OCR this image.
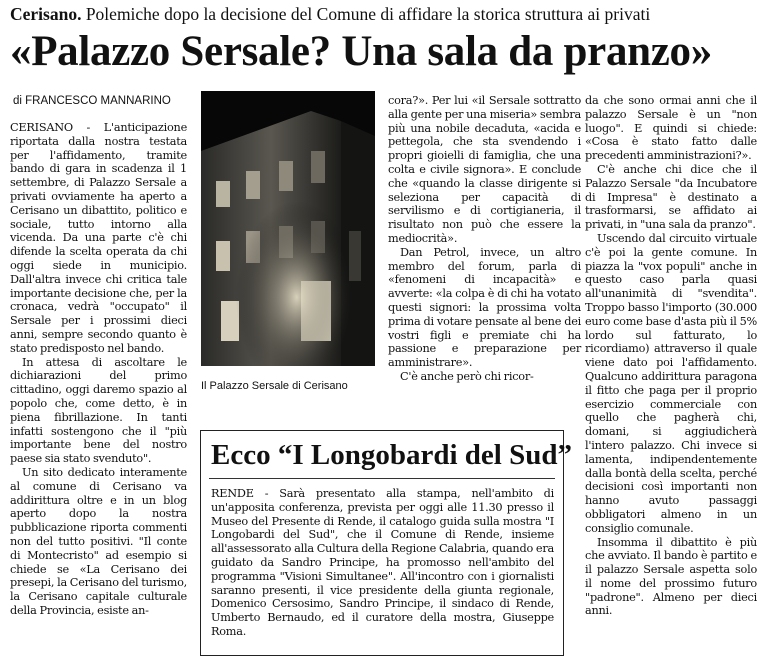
Cerisano. Polemiche dopo la decisione del Comune di affidare la storica struttura ai privati
«Palazzo Sersale? Una sala da pranzo»
di FRANCESCO MANNARINO

CERISANO - L'anticipazione riportata dalla nostra testata per l'affidamento, tramite bando di gara in scadenza il 1 settembre, di Palazzo Sersale a privati ovviamente ha aperto a Cerisano un dibattito, politico e sociale, tutto intorno alla vicenda. Da una parte c'è chi difende la scelta operata da chi oggi siede in municipio. Dall'altra invece chi critica tale importante decisione che, per la cronaca, vedrà "occupato" il Sersale per i prossimi dieci anni, sempre secondo quanto è stato predisposto nel bando.

In attesa di ascoltare le dichiarazioni del primo cittadino, oggi daremo spazio al popolo che, come detto, è in piena fibrillazione. In tanti infatti sostengono che il "più importante bene del nostro paese sia stato svenduto".

Un sito dedicato interamente al comune di Cerisano va addirittura oltre e in un blog aperto dopo la nostra pubblicazione riporta commenti non del tutto positivi. "Il conte di Montecristo" ad esempio si chiede se «La Cerisano dei presepi, la Cerisano del turismo, la Cerisano capitale culturale della Provincia, esiste an-

Il Palazzo Sersale di Cerisano

cora?». Per lui «il Sersale sottratto alla gente per una miseria» sembra più una nobile decaduta, «acida e pettegola, che sta svendendo i propri gioielli di famiglia, che una colta e civile signora». E conclude che «quando la classe dirigente si seleziona per capacità di servilismo e di cortigianeria, il risultato non può che essere la mediocrità».

Dan Petrol, invece, un altro membro del forum, parla di «fenomeni di incapacità» e avverte: «la colpa è di chi ha votato questi signori: la prossima volta prima di votare pensate al bene dei vostri figli e premiate chi ha passione e preparazione per amministrare».

C'è anche però chi ricor-

da che sono ormai anni che il palazzo Sersale è un "non luogo". E quindi si chiede: «Cosa è stato fatto dalle precedenti amministrazioni?».

C'è anche chi dice che il Palazzo Sersale "da Incubatore di Impresa" è destinato a trasformarsi, se affidato ai privati, in "una sala da pranzo".

Uscendo dal circuito virtuale c'è poi la gente comune. In piazza la "vox populi" anche in questo caso parla quasi all'unanimità di "svendita". Troppo basso l'importo (30.000 euro come base d'asta più il 5% lordo sul fatturato, lo ricordiamo) attraverso il quale viene dato poi l'affidamento. Qualcuno addirittura paragona il fitto che paga per il proprio esercizio commerciale con quello che pagherà chi, domani, si aggiudicherà l'intero palazzo. Chi invece si lamenta, indipendentemente dalla bontà della scelta, perché decisioni così importanti non hanno avuto passaggi obbligatori almeno in un consiglio comunale.

Insomma il dibattito è più che avviato. Il bando è partito e il palazzo Sersale aspetta solo il nome del prossimo futuro "padrone". Almeno per dieci anni.

Ecco “I Longobardi del Sud”

RENDE - Sarà presentato alla stampa, nell'ambito di un'apposita conferenza, prevista per oggi alle 11.30 presso il Museo del Presente di Rende, il catalogo guida sulla mostra "I Longobardi del Sud", che il Comune di Rende, insieme all'assessorato alla Cultura della Regione Calabria, quando era guidato da Sandro Principe, ha promosso nell'ambito del programma "Visioni Simultanee". All'incontro con i giornalisti saranno presenti, il vice presidente della giunta regionale, Domenico Cersosimo, Sandro Principe, il sindaco di Rende, Umberto Bernaudo, ed il curatore della mostra, Giuseppe Roma.
